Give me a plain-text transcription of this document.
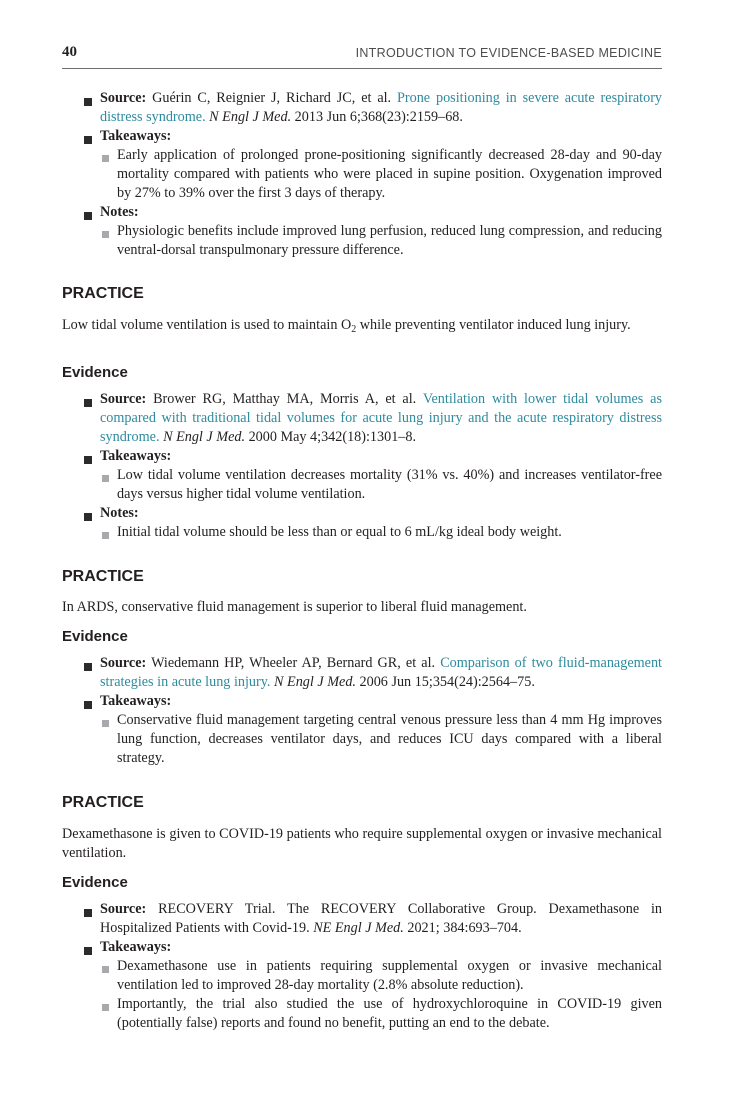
40	INTRODUCTION TO EVIDENCE-BASED MEDICINE

Source: Guérin C, Reignier J, Richard JC, et al. Prone positioning in severe acute respiratory distress syndrome. N Engl J Med. 2013 Jun 6;368(23):2159–68.

Takeaways:

Early application of prolonged prone-positioning significantly decreased 28-day and 90-day mortality compared with patients who were placed in supine position. Oxygenation improved by 27% to 39% over the first 3 days of therapy.

Notes:

Physiologic benefits include improved lung perfusion, reduced lung compression, and reducing ventral-dorsal transpulmonary pressure difference.

PRACTICE

Low tidal volume ventilation is used to maintain $O_2$ while preventing ventilator induced lung injury.

Evidence

Source: Brower RG, Matthay MA, Morris A, et al. Ventilation with lower tidal volumes as compared with traditional tidal volumes for acute lung injury and the acute respiratory distress syndrome. N Engl J Med. 2000 May 4;342(18):1301–8.

Takeaways:

Low tidal volume ventilation decreases mortality (31% vs. 40%) and increases ventilator-free days versus higher tidal volume ventilation.

Notes:

Initial tidal volume should be less than or equal to 6 mL/kg ideal body weight.

PRACTICE

In ARDS, conservative fluid management is superior to liberal fluid management.

Evidence

Source: Wiedemann HP, Wheeler AP, Bernard GR, et al. Comparison of two fluid-management strategies in acute lung injury. N Engl J Med. 2006 Jun 15;354(24):2564–75.

Takeaways:

Conservative fluid management targeting central venous pressure less than 4 mm Hg improves lung function, decreases ventilator days, and reduces ICU days compared with a liberal strategy.

PRACTICE

Dexamethasone is given to COVID-19 patients who require supplemental oxygen or invasive mechanical ventilation.

Evidence

Source: RECOVERY Trial. The RECOVERY Collaborative Group. Dexamethasone in Hospitalized Patients with Covid-19. NE Engl J Med. 2021; 384:693–704.

Takeaways:

Dexamethasone use in patients requiring supplemental oxygen or invasive mechanical ventilation led to improved 28-day mortality (2.8% absolute reduction).

Importantly, the trial also studied the use of hydroxychloroquine in COVID-19 given (potentially false) reports and found no benefit, putting an end to the debate.
